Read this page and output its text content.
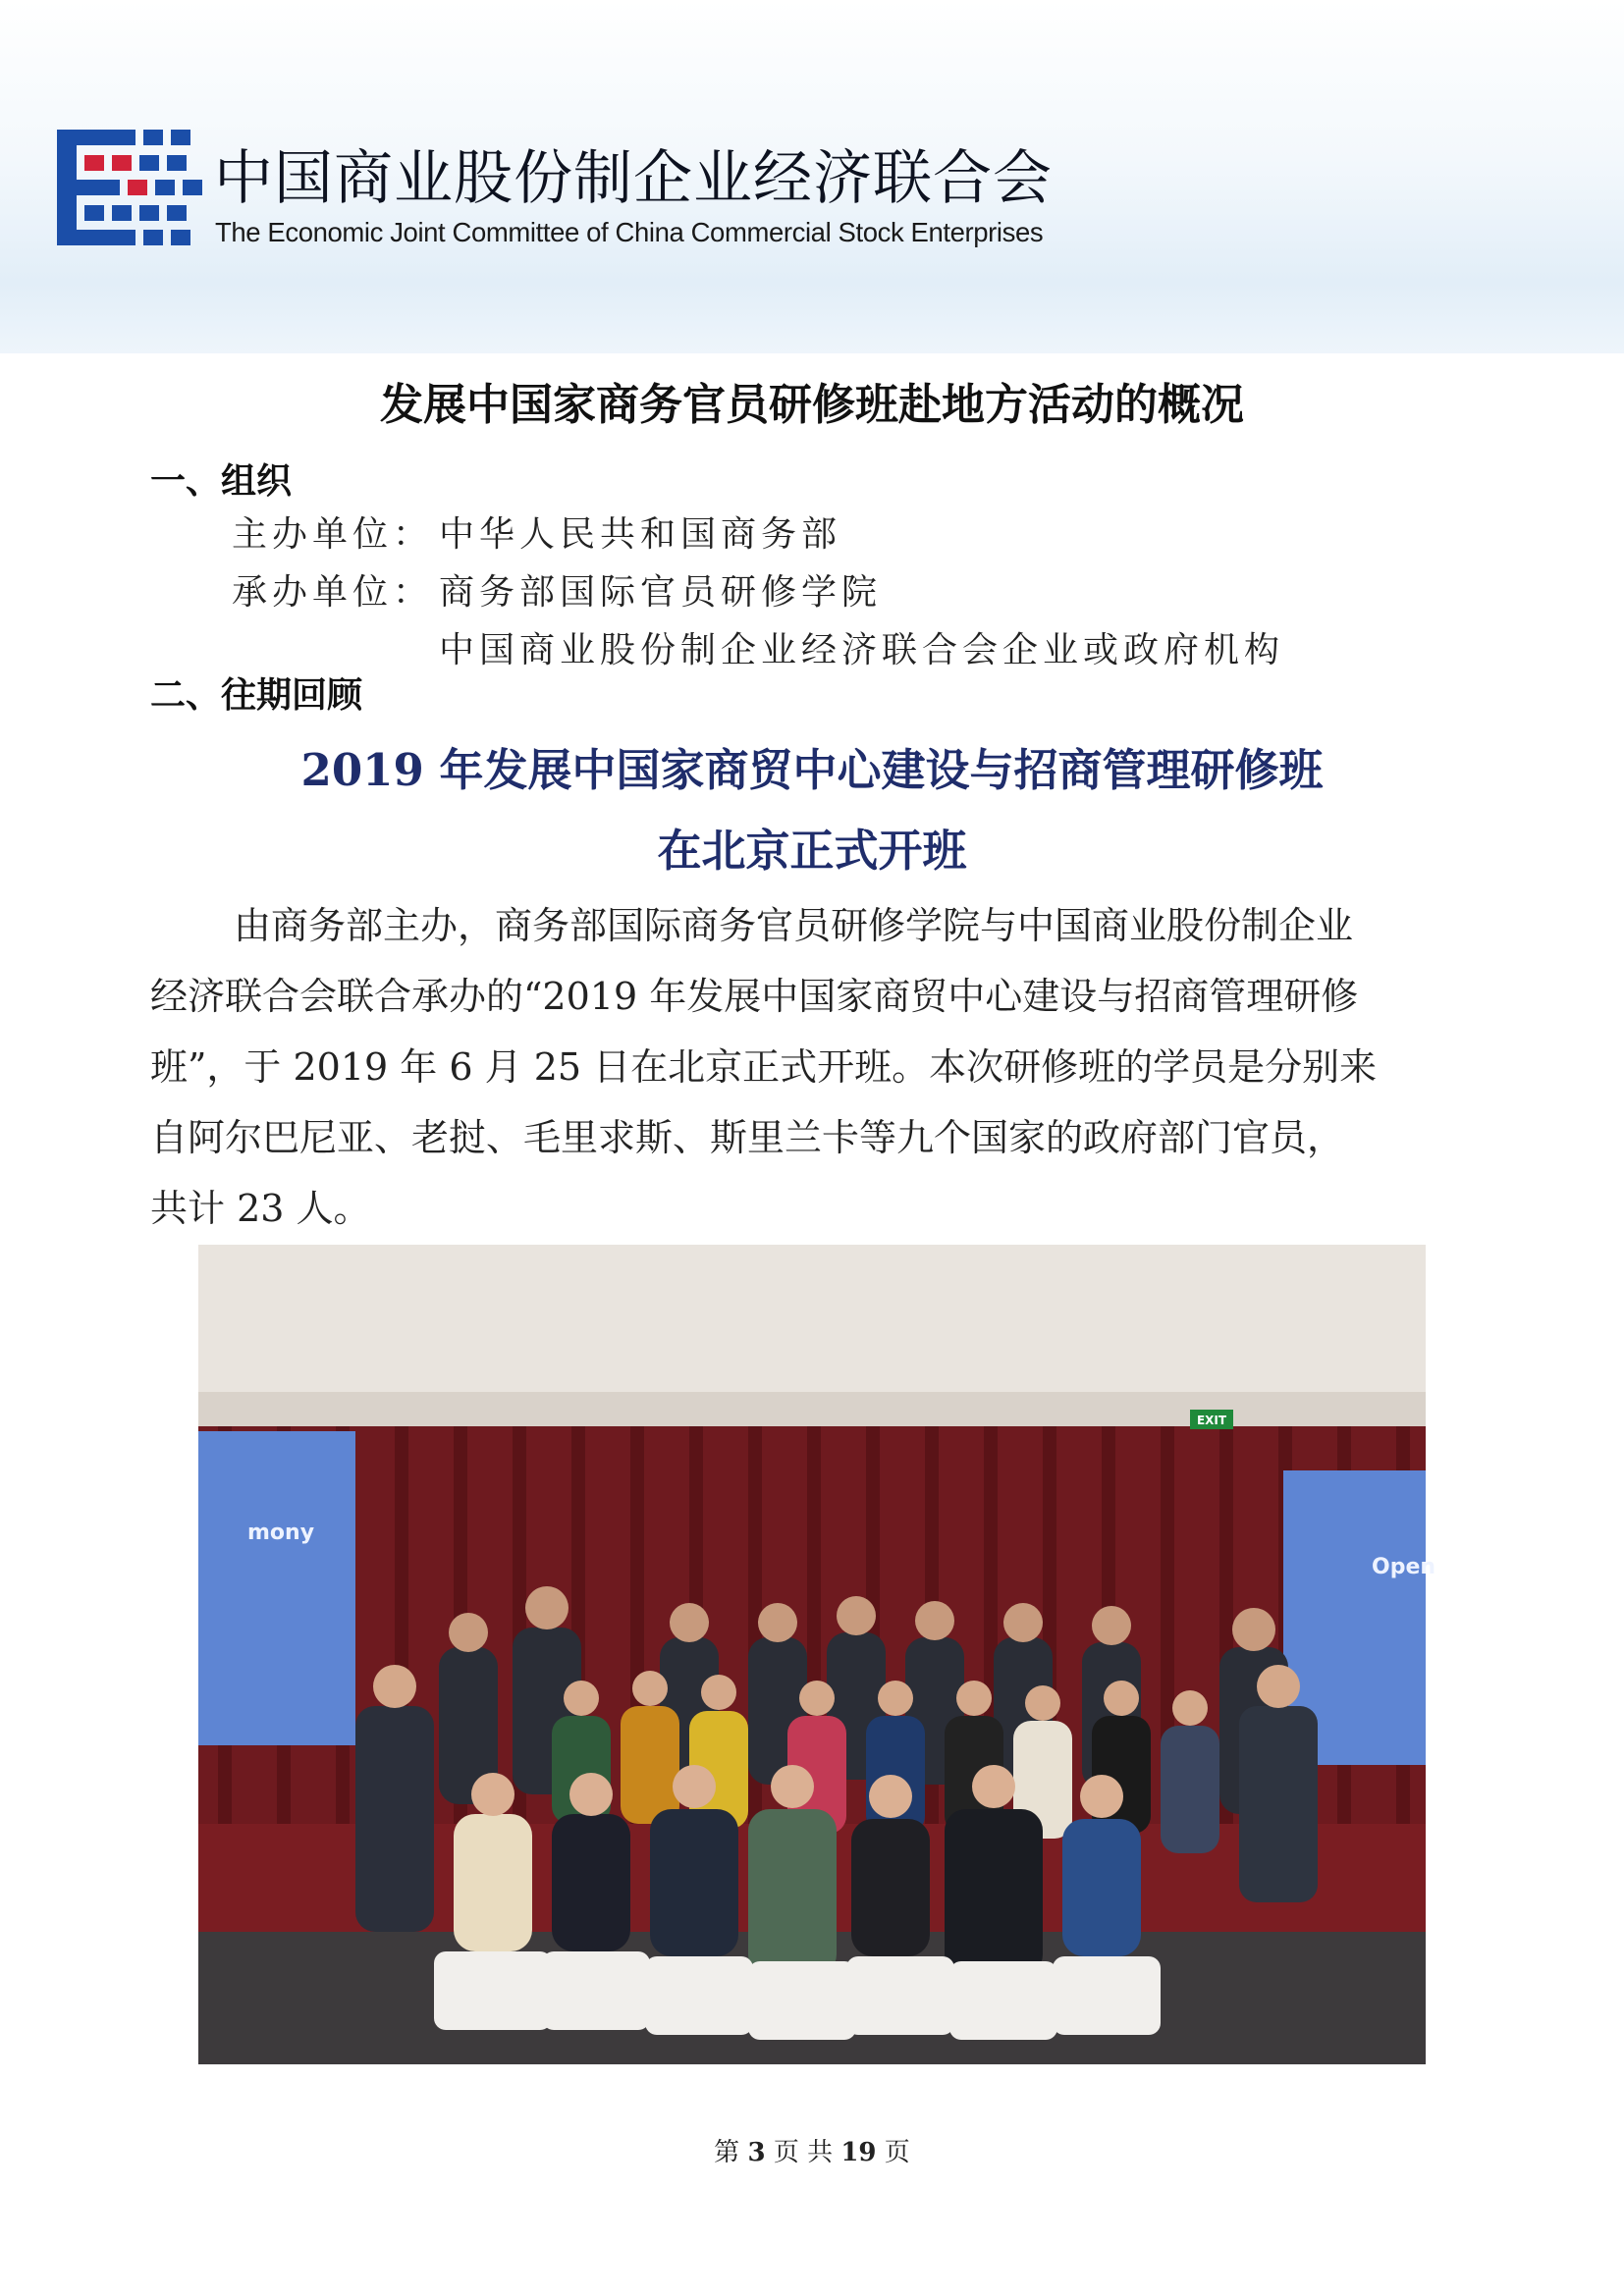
中国商业股份制企业经济联合会
The Economic Joint Committee of China Commercial Stock Enterprises
发展中国家商务官员研修班赴地方活动的概况
一、组织
主办单位： 中华人民共和国商务部
承办单位： 商务部国际官员研修学院
中国商业股份制企业经济联合会企业或政府机构
二、往期回顾
2019 年发展中国家商贸中心建设与招商管理研修班
在北京正式开班
由商务部主办，商务部国际商务官员研修学院与中国商业股份制企业
经济联合会联合承办的“2019 年发展中国家商贸中心建设与招商管理研修
班”，于 2019 年 6 月 25 日在北京正式开班。本次研修班的学员是分别来
自阿尔巴尼亚、老挝、毛里求斯、斯里兰卡等九个国家的政府部门官员，
共计 23 人。
mony
Open
EXIT
第 3 页 共 19 页
